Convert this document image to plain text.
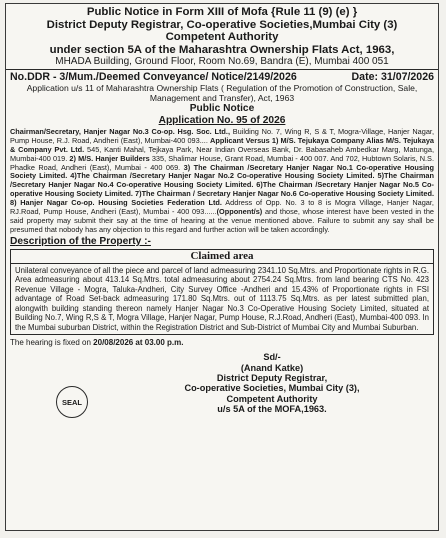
Public Notice in Form XIII of Mofa {Rule 11 (9) (e) }
District Deputy Registrar, Co-operative Societies,Mumbai City (3)
Competent Authority
under section 5A of the Maharashtra Ownership Flats Act, 1963,
MHADA Building, Ground Floor, Room No.69, Bandra (E), Mumbai 400 051
No.DDR - 3/Mum./Deemed Conveyance/ Notice/2149/2026	Date: 31/07/2026
Application u/s 11 of Maharashtra Ownership Flats ( Regulation of the Promotion of Construction, Sale, Management and Transfer), Act, 1963
Public Notice
Application No. 95 of 2026
Chairman/Secretary, Hanjer Nagar No.3 Co-op. Hsg. Soc. Ltd., Building No. 7, Wing R, S & T, Mogra-Village, Hanjer Nagar, Pump House, R.J. Road, Andheri (East), Mumbai-400 093.... Applicant Versus 1) M/S. Tejukaya Company Alias M/S. Tejukaya & Company Pvt. Ltd. 545, Kanti Mahal, Tejkaya Park, Near Indian Overseas Bank, Dr. Babasaheb Ambedkar Marg, Matunga, Mumbai-400 019. 2) M/S. Hanjer Builders 335, Shalimar House, Grant Road, Mumbai - 400 007. And 702, Hubtown Solaris, N.S. Phadke Road, Andheri (East), Mumbai - 400 069. 3) The Chairman /Secretary Hanjer Nagar No.1 Co-operative Housing Society Limited. 4)The Chairman /Secretary Hanjer Nagar No.2 Co-operative Housing Society Limited. 5)The Chairman /Secretary Hanjer Nagar No.4 Co-operative Housing Society Limited. 6)The Chairman /Secretary Hanjer Nagar No.5 Co-operative Housing Society Limited. 7)The Chairman / Secretary Hanjer Nagar No.6 Co-operative Housing Society Limited. 8) Hanjer Nagar Co-op. Housing Societies Federation Ltd. Address of Opp. No. 3 to 8 is Mogra Village, Hanjer Nagar, RJ.Road, Pump House, Andheri (East), Mumbai - 400 093......(Opponent/s) and those, whose interest have been vested in the said property may submit their say at the time of hearing at the venue mentioned above. Failure to submit any say shall be presumed that nobody has any objection to this regard and further action will be taken accordingly.
Description of the Property :-
Claimed area
Unilateral conveyance of all the piece and parcel of land admeasuring 2341.10 Sq.Mtrs. and Proportionate rights in R.G. Area admeasuring about 413.14 Sq.Mtrs. total admeasuring about 2754.24 Sq.Mtrs. from land bearing CTS No. 423 Revenue Village - Mogra, Taluka-Andheri, City Survey Office -Andheri and 15.43% of Proportionate rights in FSI advantage of Road Set-back admeasuring 171.80 Sq.Mtrs. out of 1113.75 Sq.Mtrs. as per latest submitted plan, alongwith building standing thereon namely Hanjer Nagar No.3 Co-Operative Housing Society Limited, situated at Building No.7, Wing R,S & T, Mogra Village, Hanjer Nagar, Pump House, R.J.Road, Andheri (East), Mumbai-400 093. In the Mumbai suburban District, within the Registration District and Sub-District of Mumbai City and Mumbai Suburban.
The hearing is fixed on 20/08/2026 at 03.00 p.m.
SEAL
Sd/-
(Anand Katke)
District Deputy Registrar,
Co-operative Societies, Mumbai City (3),
Competent Authority
u/s 5A of the MOFA,1963.
